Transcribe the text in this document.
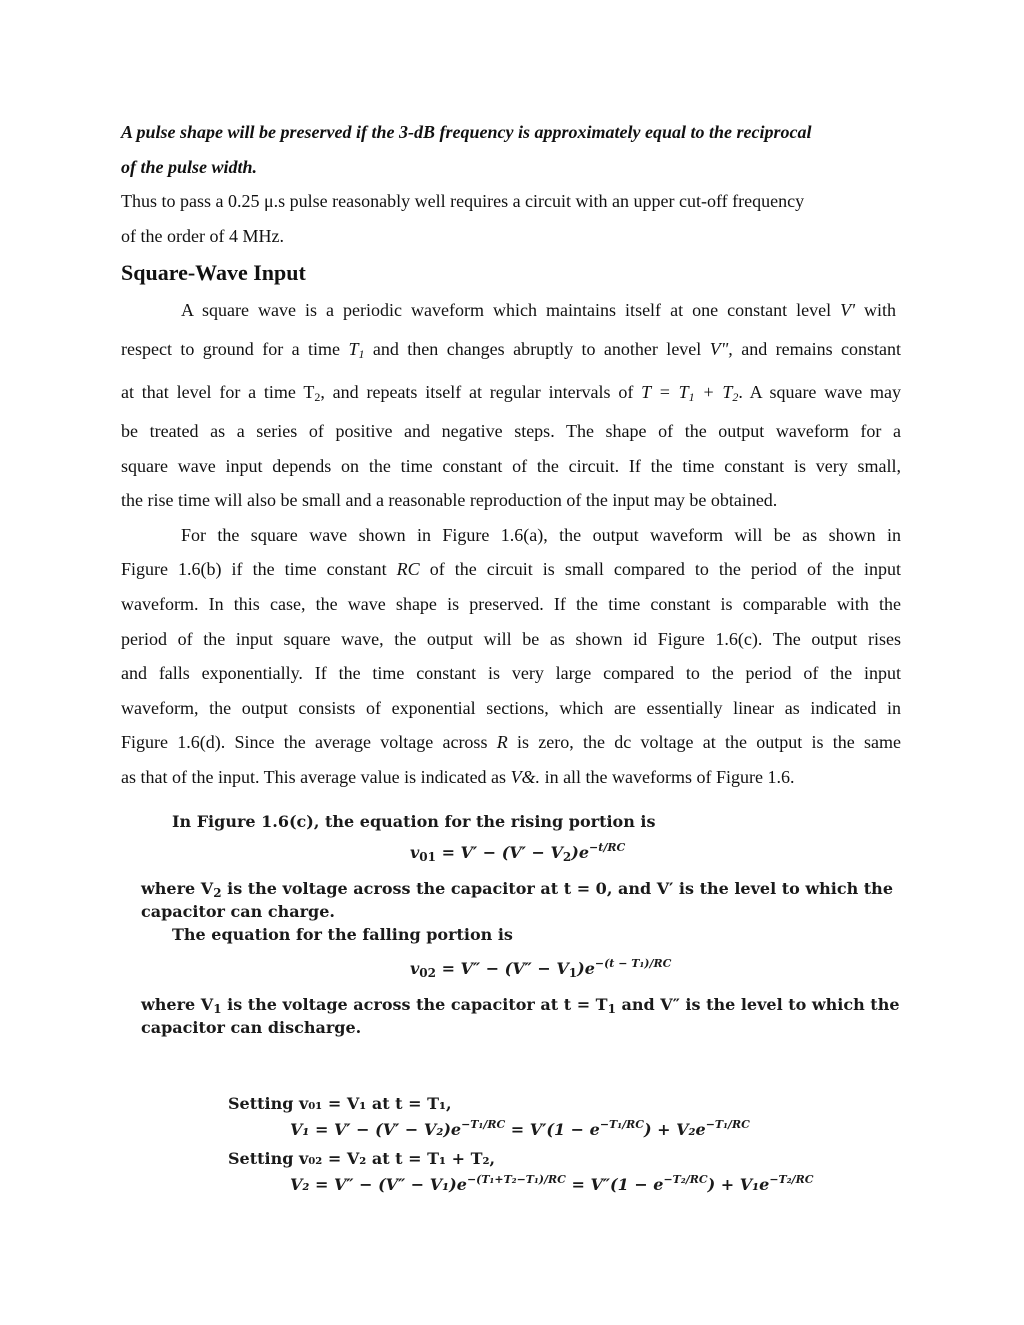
A pulse shape will be preserved if the 3-dB frequency is approximately equal to the reciprocal
of the pulse width.
Thus to pass a 0.25 μ.s pulse reasonably well requires a circuit with an upper cut-off frequency
of the order of 4 MHz.
Square-Wave Input
A square wave is a periodic waveform which maintains itself at one constant level V' with
respect to ground for a time $T_1$ and then changes abruptly to another level V", and remains constant
at that level for a time $T_2$, and repeats itself at regular intervals of $T = T_1 + T_2$. A square wave may
be treated as a series of positive and negative steps. The shape of the output waveform for a
square wave input depends on the time constant of the circuit. If the time constant is very small,
the rise time will also be small and a reasonable reproduction of the input may be obtained.
For the square wave shown in Figure 1.6(a), the output waveform will be as shown in
Figure 1.6(b) if the time constant RC of the circuit is small compared to the period of the input
waveform. In this case, the wave shape is preserved. If the time constant is comparable with the
period of the input square wave, the output will be as shown id Figure 1.6(c). The output rises
and falls exponentially. If the time constant is very large compared to the period of the input
waveform, the output consists of exponential sections, which are essentially linear as indicated in
Figure 1.6(d). Since the average voltage across R is zero, the dc voltage at the output is the same
as that of the input. This average value is indicated as V&. in all the waveforms of Figure 1.6.
In Figure 1.6(c), the equation for the rising portion is
$v_{01} = V' - (V' - V_2)e^{-t/RC}$
where $V_2$ is the voltage across the capacitor at t = 0, and V′ is the level to which the
capacitor can charge.
The equation for the falling portion is
$v_{02} = V'' - (V'' - V_1)e^{-(t - T_1)/RC}$
where $V_1$ is the voltage across the capacitor at $t = T_1$ and V″ is the level to which the
capacitor can discharge.
Setting v₀₁ = V₁ at t = T₁,
$V_1 = V' - (V' - V_2)e^{-T_1/RC} = V'(1 - e^{-T_1/RC}) + V_2e^{-T_1/RC}$
Setting v₀₂ = V₂ at t = T₁ + T₂,
$V_2 = V'' - (V'' - V_1)e^{-(T_1+T_2-T_1)/RC} = V''(1 - e^{-T_2/RC}) + V_1e^{-T_2/RC}$
